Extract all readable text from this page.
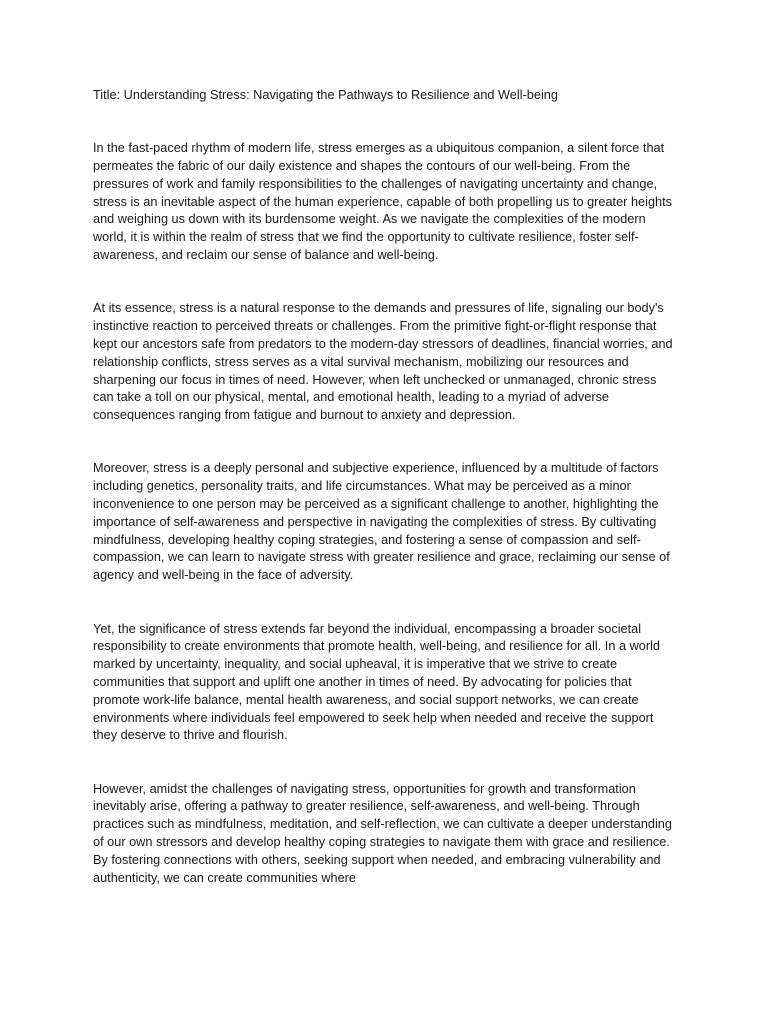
Title: Understanding Stress: Navigating the Pathways to Resilience and Well-being
In the fast-paced rhythm of modern life, stress emerges as a ubiquitous companion, a silent force that permeates the fabric of our daily existence and shapes the contours of our well-being. From the pressures of work and family responsibilities to the challenges of navigating uncertainty and change, stress is an inevitable aspect of the human experience, capable of both propelling us to greater heights and weighing us down with its burdensome weight. As we navigate the complexities of the modern world, it is within the realm of stress that we find the opportunity to cultivate resilience, foster self-awareness, and reclaim our sense of balance and well-being.
At its essence, stress is a natural response to the demands and pressures of life, signaling our body's instinctive reaction to perceived threats or challenges. From the primitive fight-or-flight response that kept our ancestors safe from predators to the modern-day stressors of deadlines, financial worries, and relationship conflicts, stress serves as a vital survival mechanism, mobilizing our resources and sharpening our focus in times of need. However, when left unchecked or unmanaged, chronic stress can take a toll on our physical, mental, and emotional health, leading to a myriad of adverse consequences ranging from fatigue and burnout to anxiety and depression.
Moreover, stress is a deeply personal and subjective experience, influenced by a multitude of factors including genetics, personality traits, and life circumstances. What may be perceived as a minor inconvenience to one person may be perceived as a significant challenge to another, highlighting the importance of self-awareness and perspective in navigating the complexities of stress. By cultivating mindfulness, developing healthy coping strategies, and fostering a sense of compassion and self-compassion, we can learn to navigate stress with greater resilience and grace, reclaiming our sense of agency and well-being in the face of adversity.
Yet, the significance of stress extends far beyond the individual, encompassing a broader societal responsibility to create environments that promote health, well-being, and resilience for all. In a world marked by uncertainty, inequality, and social upheaval, it is imperative that we strive to create communities that support and uplift one another in times of need. By advocating for policies that promote work-life balance, mental health awareness, and social support networks, we can create environments where individuals feel empowered to seek help when needed and receive the support they deserve to thrive and flourish.
However, amidst the challenges of navigating stress, opportunities for growth and transformation inevitably arise, offering a pathway to greater resilience, self-awareness, and well-being. Through practices such as mindfulness, meditation, and self-reflection, we can cultivate a deeper understanding of our own stressors and develop healthy coping strategies to navigate them with grace and resilience. By fostering connections with others, seeking support when needed, and embracing vulnerability and authenticity, we can create communities where
